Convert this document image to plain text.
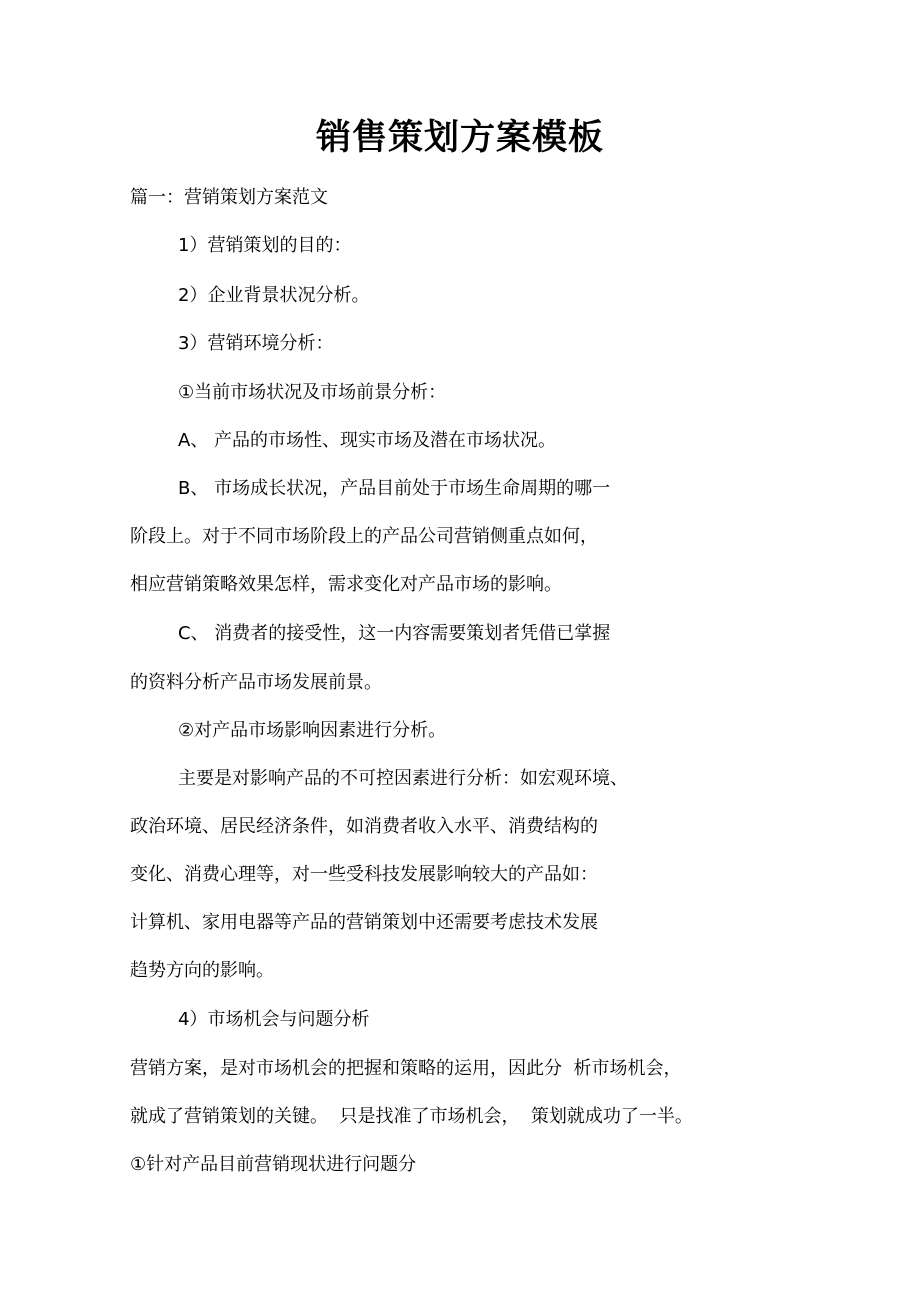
销售策划方案模板
篇一：营销策划方案范文
1）营销策划的目的：
2）企业背景状况分析。
3）营销环境分析：
①当前市场状况及市场前景分析：
A、 产品的市场性、现实市场及潜在市场状况。
B、 市场成长状况，产品目前处于市场生命周期的哪一
阶段上。对于不同市场阶段上的产品公司营销侧重点如何，
相应营销策略效果怎样，需求变化对产品市场的影响。
C、 消费者的接受性，这一内容需要策划者凭借已掌握
的资料分析产品市场发展前景。
②对产品市场影响因素进行分析。
主要是对影响产品的不可控因素进行分析：如宏观环境、
政治环境、居民经济条件，如消费者收入水平、消费结构的
变化、消费心理等，对一些受科技发展影响较大的产品如：
计算机、家用电器等产品的营销策划中还需要考虑技术发展
趋势方向的影响。
4）市场机会与问题分析
营销方案，是对市场机会的把握和策略的运用，因此分  析市场机会，
就成了营销策划的关键。  只是找准了市场机会，  策划就成功了一半。
①针对产品目前营销现状进行问题分
